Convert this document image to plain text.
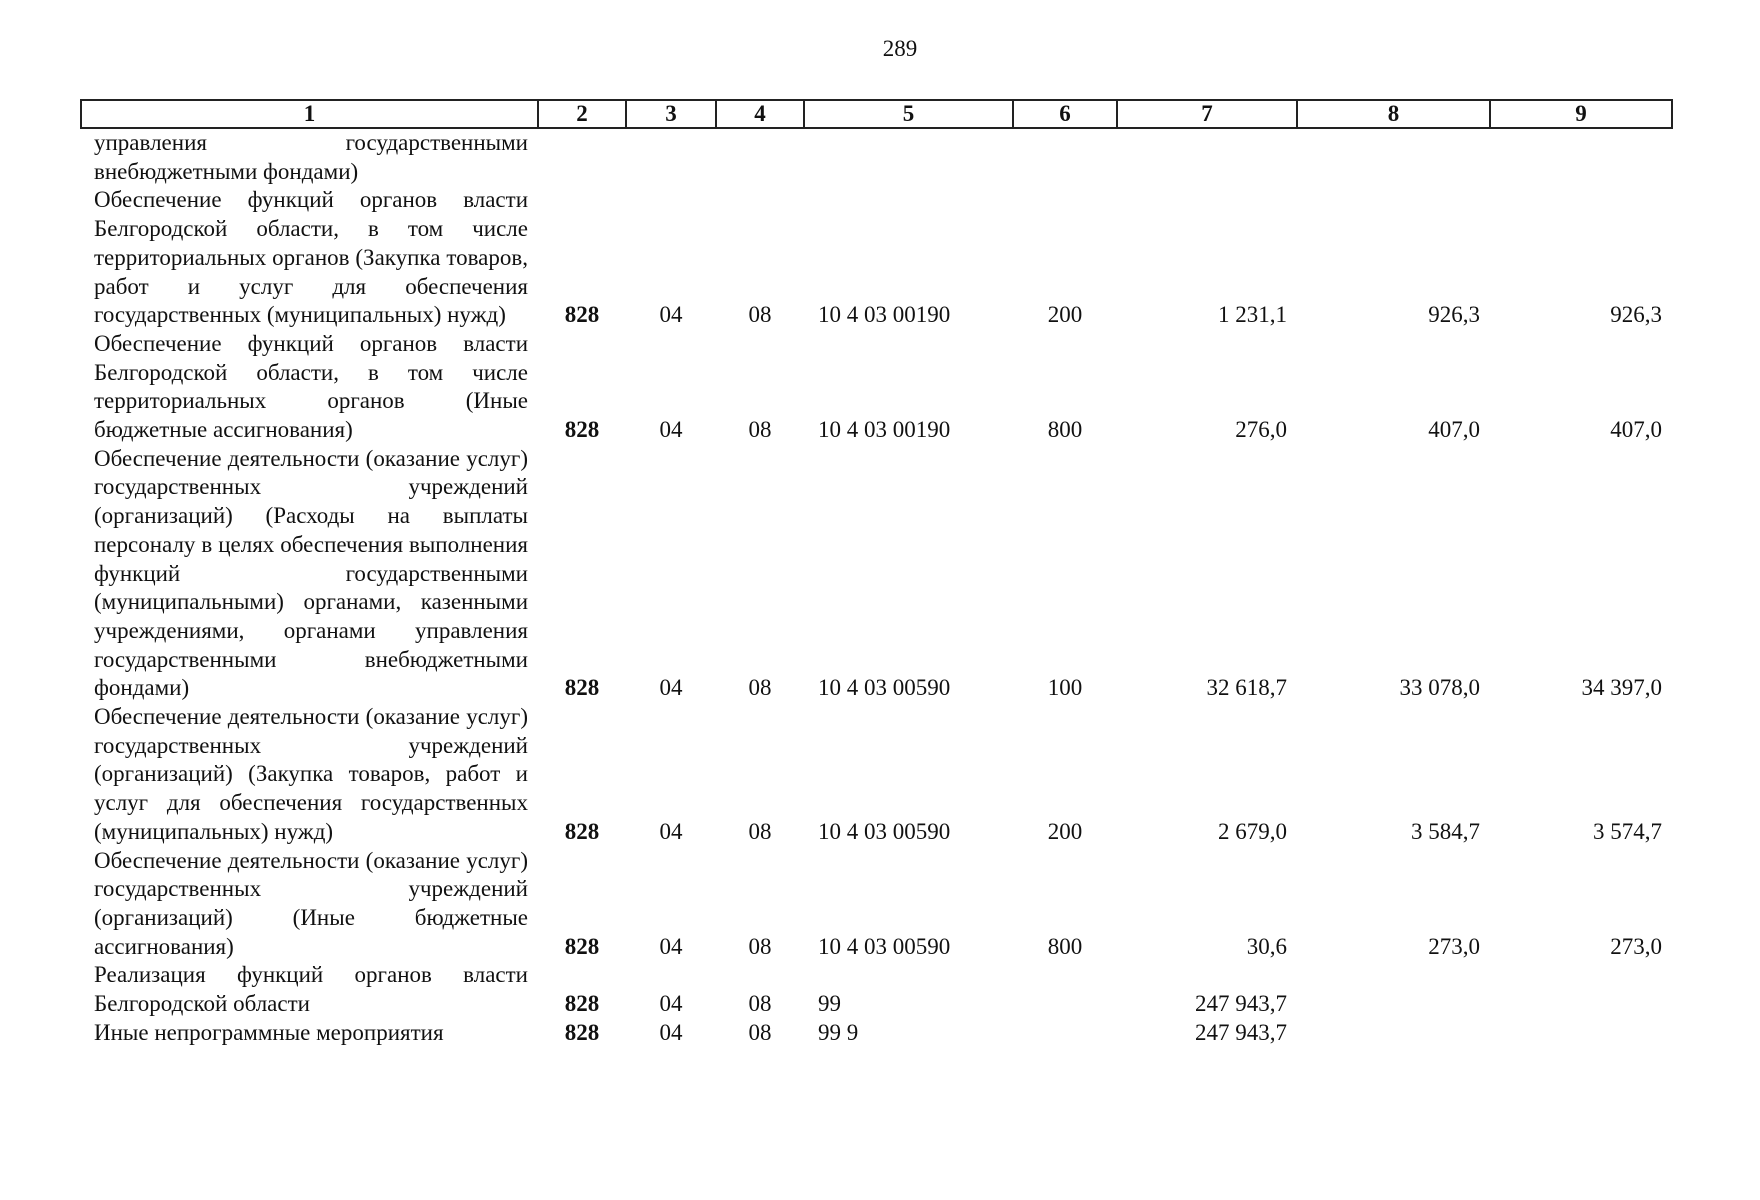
289
1	2	3	4	5	6	7	8	9
управления государственными внебюджетными фондами)								
Обеспечение функций органов власти Белгородской области, в том числе территориальных органов (Закупка товаров, работ и услуг для обеспечения государственных (муниципальных) нужд)	828	04	08	10 4 03 00190	200	1 231,1	926,3	926,3
Обеспечение функций органов власти Белгородской области, в том числе территориальных органов (Иные бюджетные ассигнования)	828	04	08	10 4 03 00190	800	276,0	407,0	407,0
Обеспечение деятельности (оказание услуг) государственных учреждений (организаций) (Расходы на выплаты персоналу в целях обеспечения выполнения функций государственными (муниципальными) органами, казенными учреждениями, органами управления государственными внебюджетными фондами)	828	04	08	10 4 03 00590	100	32 618,7	33 078,0	34 397,0
Обеспечение деятельности (оказание услуг) государственных учреждений (организаций) (Закупка товаров, работ и услуг для обеспечения государственных (муниципальных) нужд)	828	04	08	10 4 03 00590	200	2 679,0	3 584,7	3 574,7
Обеспечение деятельности (оказание услуг) государственных учреждений (организаций) (Иные бюджетные ассигнования)	828	04	08	10 4 03 00590	800	30,6	273,0	273,0
Реализация функций органов власти Белгородской области	828	04	08	99		247 943,7		
Иные непрограммные мероприятия	828	04	08	99 9		247 943,7		
